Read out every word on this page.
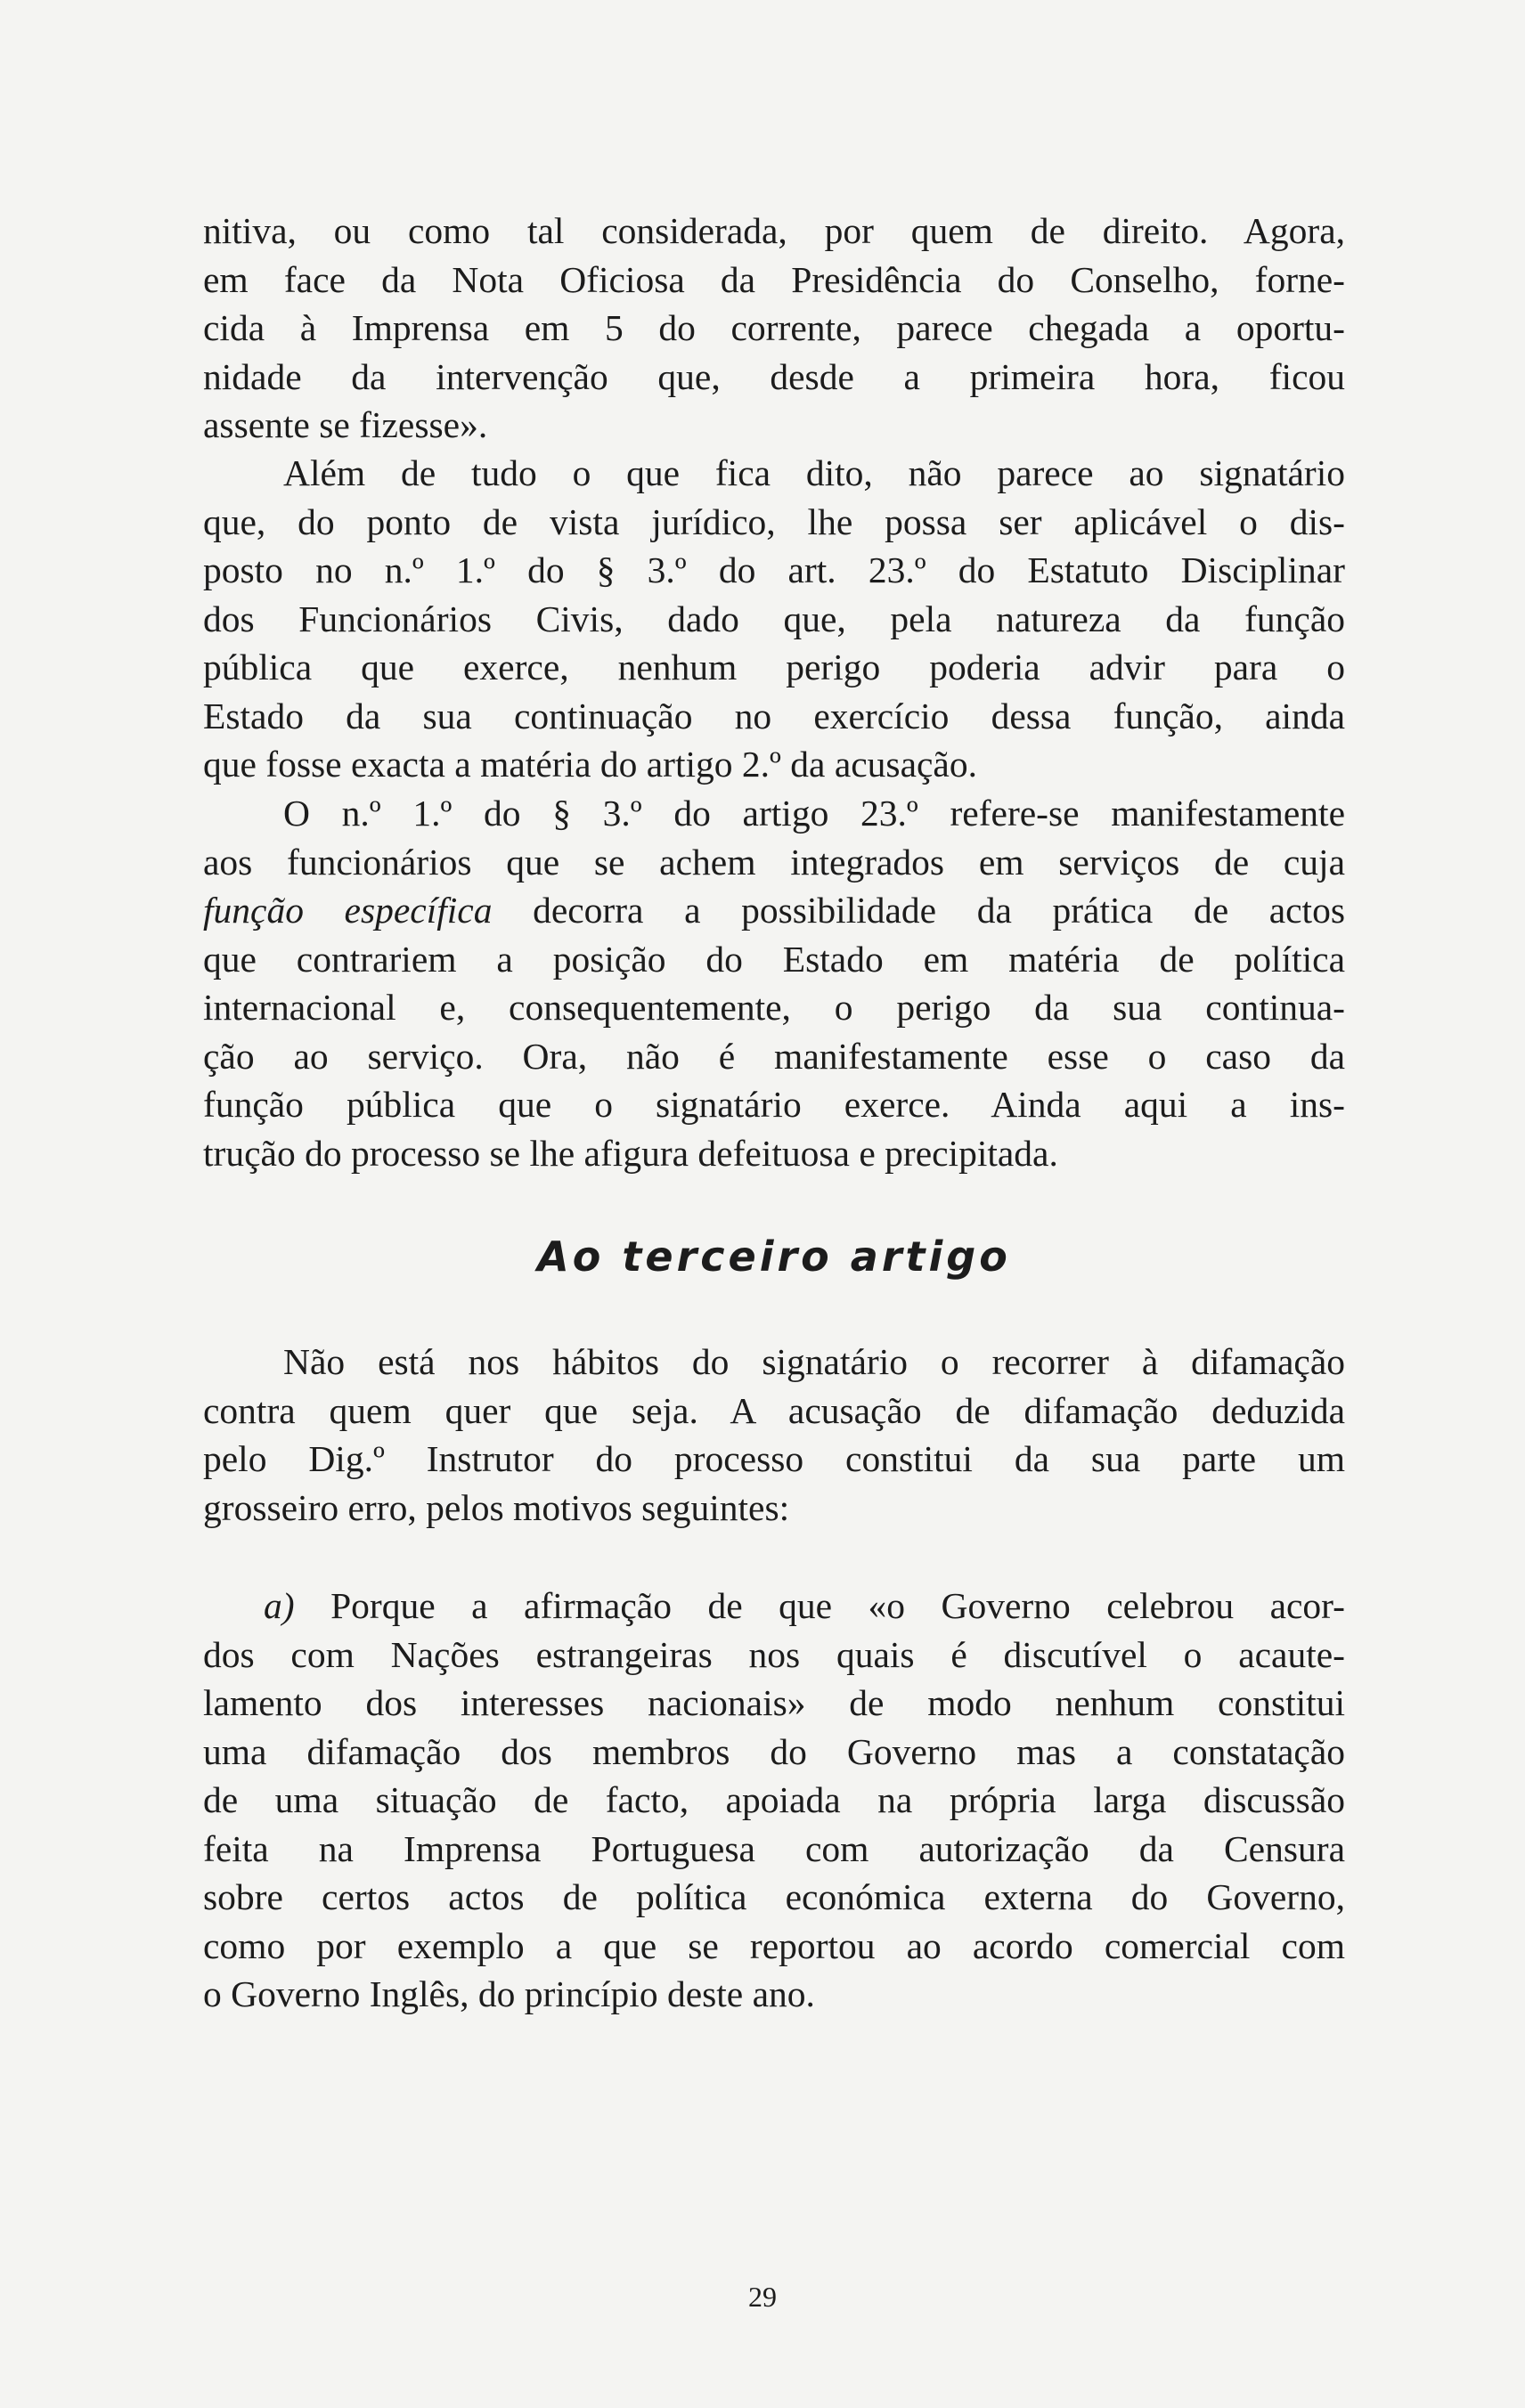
nitiva, ou como tal considerada, por quem de direito. Agora,
em face da Nota Oficiosa da Presidência do Conselho, forne-
cida à Imprensa em 5 do corrente, parece chegada a oportu-
nidade da intervenção que, desde a primeira hora, ficou
assente se fizesse».
Além de tudo o que fica dito, não parece ao signatário
que, do ponto de vista jurídico, lhe possa ser aplicável o dis-
posto no n.º 1.º do § 3.º do art. 23.º do Estatuto Disciplinar
dos Funcionários Civis, dado que, pela natureza da função
pública que exerce, nenhum perigo poderia advir para o
Estado da sua continuação no exercício dessa função, ainda
que fosse exacta a matéria do artigo 2.º da acusação.
O n.º 1.º do § 3.º do artigo 23.º refere-se manifestamente
aos funcionários que se achem integrados em serviços de cuja
função específica decorra a possibilidade da prática de actos
que contrariem a posição do Estado em matéria de política
internacional e, consequentemente, o perigo da sua continua-
ção ao serviço. Ora, não é manifestamente esse o caso da
função pública que o signatário exerce. Ainda aqui a ins-
trução do processo se lhe afigura defeituosa e precipitada.
Ao terceiro artigo
Não está nos hábitos do signatário o recorrer à difamação
contra quem quer que seja. A acusação de difamação deduzida
pelo Dig.º Instrutor do processo constitui da sua parte um
grosseiro erro, pelos motivos seguintes:
a) Porque a afirmação de que «o Governo celebrou acor-
dos com Nações estrangeiras nos quais é discutível o acaute-
lamento dos interesses nacionais» de modo nenhum constitui
uma difamação dos membros do Governo mas a constatação
de uma situação de facto, apoiada na própria larga discussão
feita na Imprensa Portuguesa com autorização da Censura
sobre certos actos de política económica externa do Governo,
como por exemplo a que se reportou ao acordo comercial com
o Governo Inglês, do princípio deste ano.
29
